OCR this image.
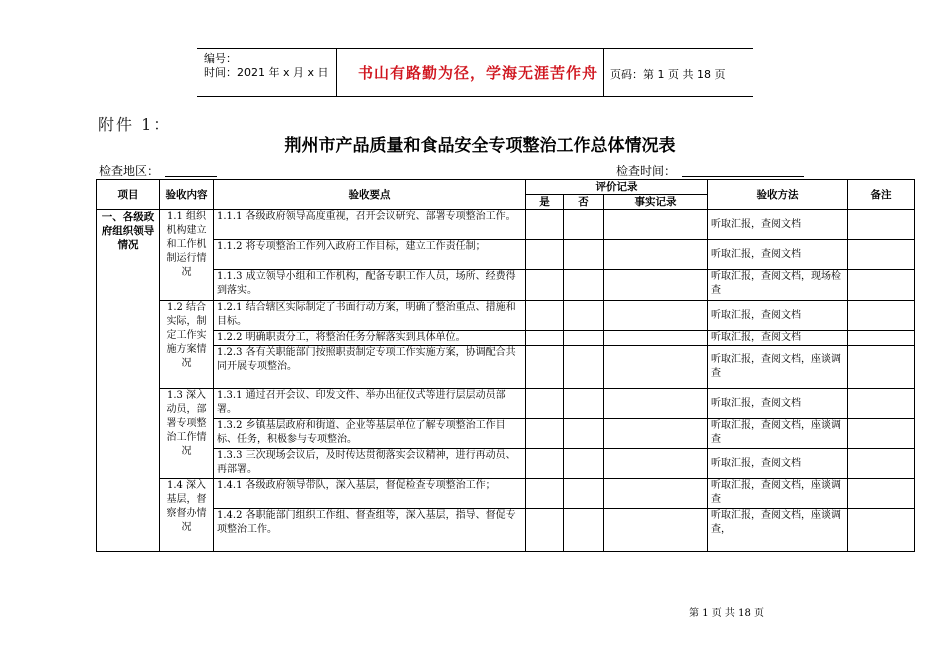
编号：
时间：2021 年 x 月 x 日	书山有路勤为径，学海无涯苦作舟	页码：第 1 页 共 18 页
附件 1：
荆州市产品质量和食品安全专项整治工作总体情况表
检查地区：	检查时间：
项目	验收内容	验收要点	评价记录			验收方法	备注
			是	否	事实记录		
一、各级政府组织领导情况	1.1 组织机构建立和工作机制运行情况	1.1.1 各级政府领导高度重视，召开会议研究、部署专项整治工作。				听取汇报，查阅文档	
		1.1.2 将专项整治工作列入政府工作目标，建立工作责任制；				听取汇报，查阅文档	
		1.1.3 成立领导小组和工作机构，配备专职工作人员，场所、经费得到落实。				听取汇报，查阅文档，现场检查	
	1.2 结合实际，制定工作实施方案情况	1.2.1 结合辖区实际制定了书面行动方案，明确了整治重点、措施和目标。				听取汇报，查阅文档	
		1.2.2 明确职责分工，将整治任务分解落实到具体单位。				听取汇报，查阅文档	
		1.2.3 各有关职能部门按照职责制定专项工作实施方案，协调配合共同开展专项整治。				听取汇报，查阅文档，座谈调查	
	1.3 深入动员，部署专项整治工作情况	1.3.1 通过召开会议、印发文件、举办出征仪式等进行层层动员部署。				听取汇报，查阅文档	
		1.3.2 乡镇基层政府和街道、企业等基层单位了解专项整治工作目标、任务，积极参与专项整治。				听取汇报，查阅文档，座谈调查	
		1.3.3 三次现场会议后，及时传达贯彻落实会议精神，进行再动员、再部署。				听取汇报，查阅文档	
	1.4 深入基层，督察督办情况	1.4.1 各级政府领导带队，深入基层，督促检查专项整治工作；				听取汇报，查阅文档，座谈调查	
		1.4.2 各职能部门组织工作组、督查组等，深入基层，指导、督促专项整治工作。				听取汇报，查阅文档，座谈调查，	
第 1 页 共 18 页
